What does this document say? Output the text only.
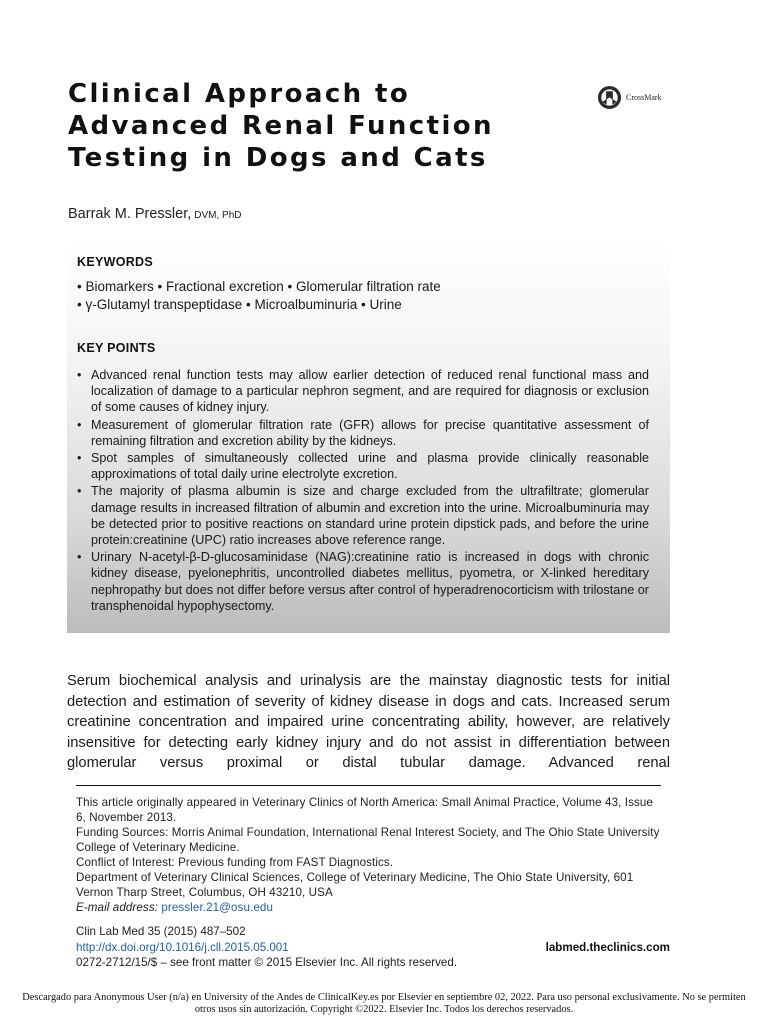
Clinical Approach to
Advanced Renal Function
Testing in Dogs and Cats
CrossMark
Barrak M. Pressler, DVM, PhD
KEYWORDS
• Biomarkers • Fractional excretion • Glomerular filtration rate
• γ-Glutamyl transpeptidase • Microalbuminuria • Urine
KEY POINTS
• Advanced renal function tests may allow earlier detection of reduced renal functional mass and localization of damage to a particular nephron segment, and are required for diagnosis or exclusion of some causes of kidney injury.
• Measurement of glomerular filtration rate (GFR) allows for precise quantitative assessment of remaining filtration and excretion ability by the kidneys.
• Spot samples of simultaneously collected urine and plasma provide clinically reasonable approximations of total daily urine electrolyte excretion.
• The majority of plasma albumin is size and charge excluded from the ultrafiltrate; glomerular damage results in increased filtration of albumin and excretion into the urine. Microalbuminuria may be detected prior to positive reactions on standard urine protein dipstick pads, and before the urine protein:creatinine (UPC) ratio increases above reference range.
• Urinary N-acetyl-β-D-glucosaminidase (NAG):creatinine ratio is increased in dogs with chronic kidney disease, pyelonephritis, uncontrolled diabetes mellitus, pyometra, or X-linked hereditary nephropathy but does not differ before versus after control of hyperadrenocorticism with trilostane or transphenoidal hypophysectomy.

Serum biochemical analysis and urinalysis are the mainstay diagnostic tests for initial detection and estimation of severity of kidney disease in dogs and cats. Increased serum creatinine concentration and impaired urine concentrating ability, however, are relatively insensitive for detecting early kidney injury and do not assist in differentiation between glomerular versus proximal or distal tubular damage. Advanced renal

This article originally appeared in Veterinary Clinics of North America: Small Animal Practice, Volume 43, Issue 6, November 2013.

Funding Sources: Morris Animal Foundation, International Renal Interest Society, and The Ohio State University College of Veterinary Medicine.

Conflict of Interest: Previous funding from FAST Diagnostics.

Department of Veterinary Clinical Sciences, College of Veterinary Medicine, The Ohio State University, 601 Vernon Tharp Street, Columbus, OH 43210, USA

E-mail address: pressler.21@osu.edu

Clin Lab Med 35 (2015) 487–502

http://dx.doi.org/10.1016/j.cll.2015.05.001	labmed.theclinics.com

0272-2712/15/$ – see front matter © 2015 Elsevier Inc. All rights reserved.

Descargado para Anonymous User (n/a) en University of the Andes de ClinicalKey.es por Elsevier en septiembre 02, 2022. Para uso personal exclusivamente. No se permiten otros usos sin autorización. Copyright ©2022. Elsevier Inc. Todos los derechos reservados.
